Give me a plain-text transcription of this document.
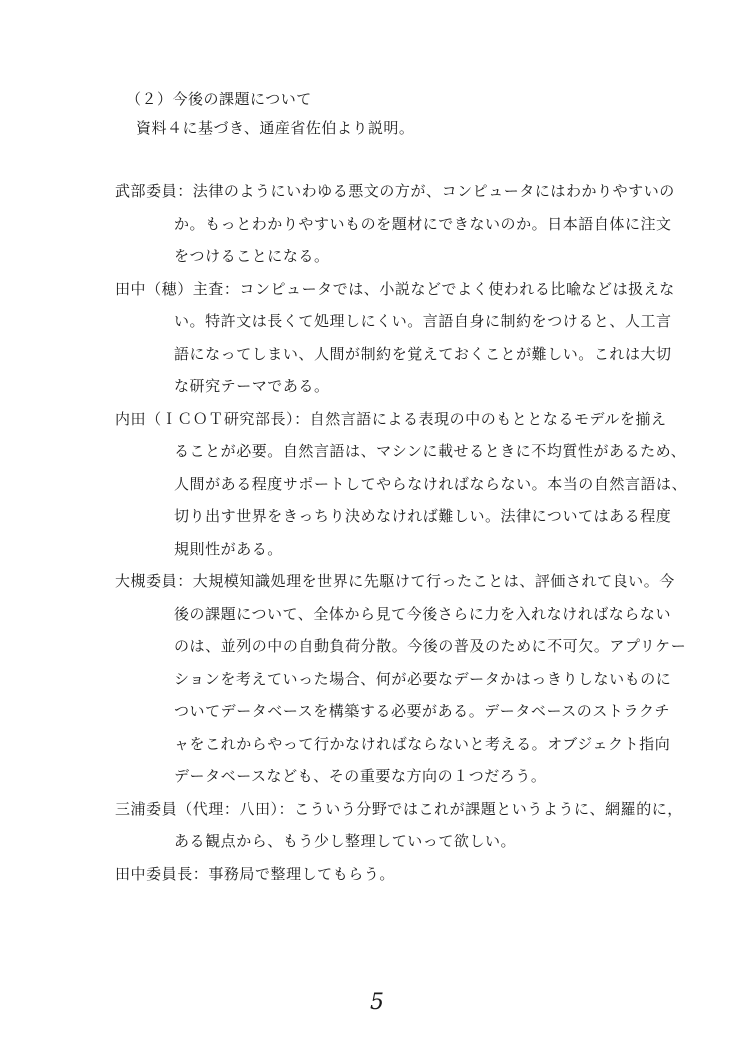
（２）今後の課題について
資料４に基づき、通産省佐伯より説明。
武部委員：法律のようにいわゆる悪文の方が、コンピュータにはわかりやすいの
か。もっとわかりやすいものを題材にできないのか。日本語自体に注文
をつけることになる。
田中（穂）主査：コンピュータでは、小説などでよく使われる比喩などは扱えな
い。特許文は長くて処理しにくい。言語自身に制約をつけると、人工言
語になってしまい、人間が制約を覚えておくことが難しい。これは大切
な研究テーマである。
内田（ＩＣＯＴ研究部長）：自然言語による表現の中のもととなるモデルを揃え
ることが必要。自然言語は、マシンに載せるときに不均質性があるため、
人間がある程度サポートしてやらなければならない。本当の自然言語は、
切り出す世界をきっちり決めなければ難しい。法律についてはある程度
規則性がある。
大槻委員：大規模知識処理を世界に先駆けて行ったことは、評価されて良い。今
後の課題について、全体から見て今後さらに力を入れなければならない
のは、並列の中の自動負荷分散。今後の普及のために不可欠。アプリケー
ションを考えていった場合、何が必要なデータかはっきりしないものに
ついてデータベースを構築する必要がある。データベースのストラクチ
ャをこれからやって行かなければならないと考える。オブジェクト指向
データベースなども、その重要な方向の１つだろう。
三浦委員（代理：八田）：こういう分野ではこれが課題というように、網羅的に，
ある観点から、もう少し整理していって欲しい。
田中委員長：事務局で整理してもらう。
5
